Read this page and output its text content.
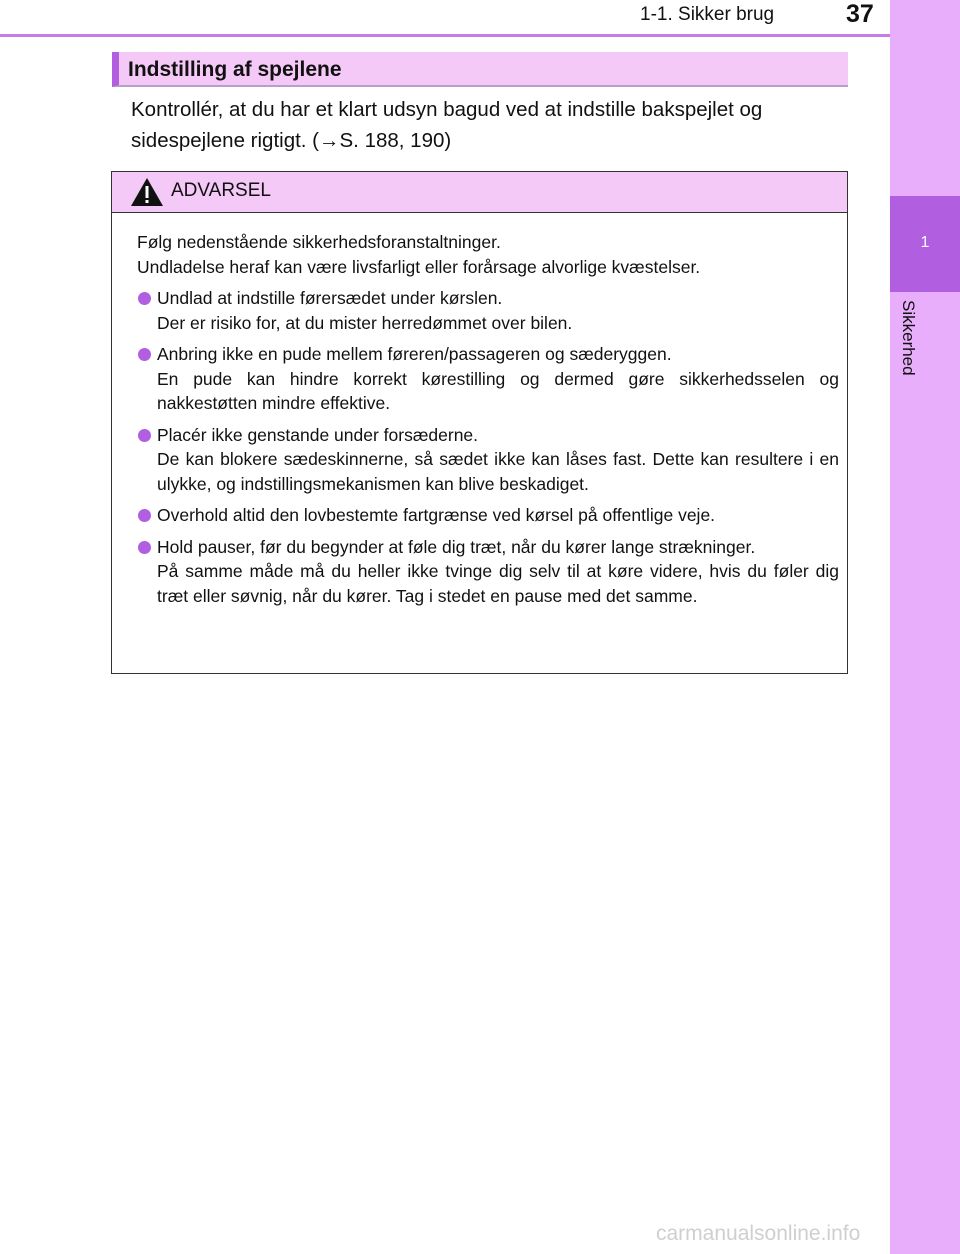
1-1. Sikker brug	37
1
Sikkerhed
Indstilling af spejlene
Kontrollér, at du har et klart udsyn bagud ved at indstille bakspejlet og sidespejlene rigtigt. (→S. 188, 190)
ADVARSEL

Følg nedenstående sikkerhedsforanstaltninger.

Undladelse heraf kan være livsfarligt eller forårsage alvorlige kvæstelser.

Undlad at indstille førersædet under kørslen.

Der er risiko for, at du mister herredømmet over bilen.

Anbring ikke en pude mellem føreren/passageren og sæderyggen.

En pude kan hindre korrekt kørestilling og dermed gøre sikkerhedsselen og nakkestøtten mindre effektive.

Placér ikke genstande under forsæderne.

De kan blokere sædeskinnerne, så sædet ikke kan låses fast. Dette kan resultere i en ulykke, og indstillingsmekanismen kan blive beskadiget.

Overhold altid den lovbestemte fartgrænse ved kørsel på offentlige veje.

Hold pauser, før du begynder at føle dig træt, når du kører lange strækninger.

På samme måde må du heller ikke tvinge dig selv til at køre videre, hvis du føler dig træt eller søvnig, når du kører. Tag i stedet en pause med det samme.

carmanualsonline.info
